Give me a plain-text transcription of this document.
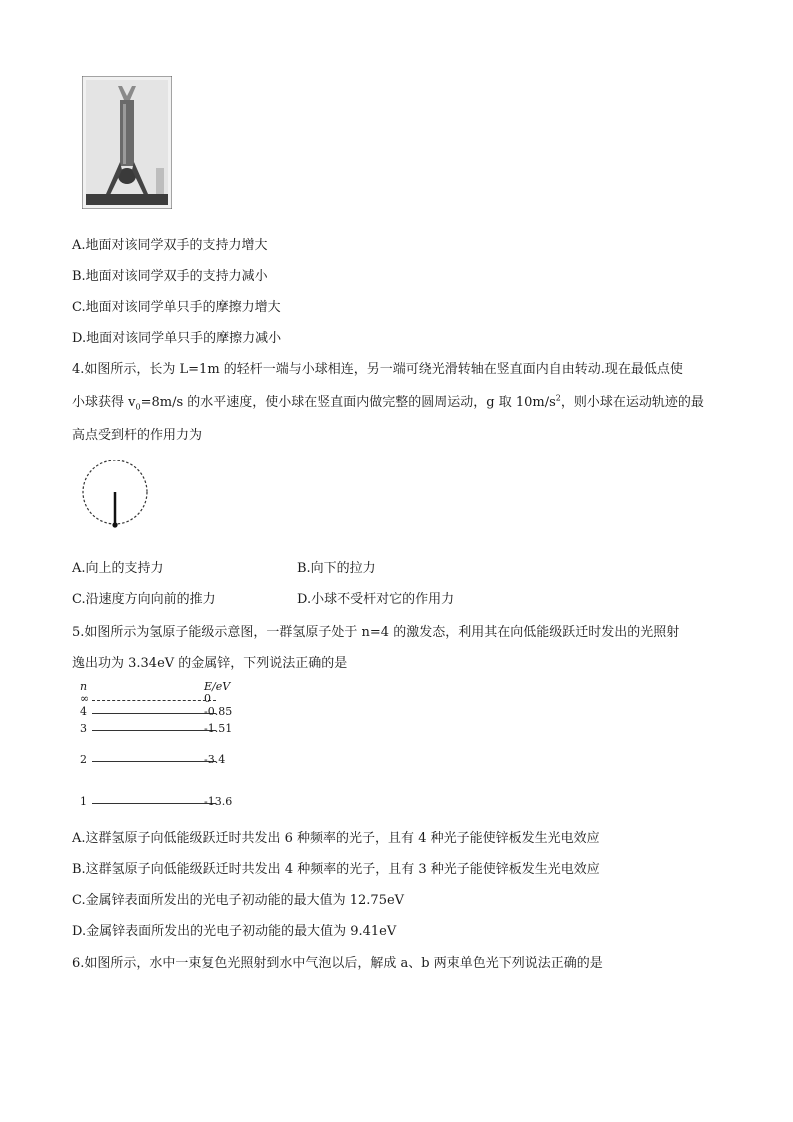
A.地面对该同学双手的支持力增大
B.地面对该同学双手的支持力减小
C.地面对该同学单只手的摩擦力增大
D.地面对该同学单只手的摩擦力减小
4.如图所示，长为 L=1m 的轻杆一端与小球相连，另一端可绕光滑转轴在竖直面内自由转动.现在最低点使
小球获得 $v_0=8m/s$ 的水平速度，使小球在竖直面内做完整的圆周运动，g 取 $10m/s^2$，则小球在运动轨迹的最
高点受到杆的作用力为
A.向上的支持力	B.向下的拉力
C.沿速度方向向前的推力	D.小球不受杆对它的作用力
5.如图所示为氢原子能级示意图，一群氢原子处于 n=4 的激发态，利用其在向低能级跃迁时发出的光照射
逸出功为 3.34eV 的金属锌，下列说法正确的是
n	E/eV
∞	0
4	-0.85
3	-1.51
2	-3.4
1	-13.6
A.这群氢原子向低能级跃迁时共发出 6 种频率的光子，且有 4 种光子能使锌板发生光电效应
B.这群氢原子向低能级跃迁时共发出 4 种频率的光子，且有 3 种光子能使锌板发生光电效应
C.金属锌表面所发出的光电子初动能的最大值为 12.75eV
D.金属锌表面所发出的光电子初动能的最大值为 9.41eV
6.如图所示，水中一束复色光照射到水中气泡以后，解成 a、b 两束单色光下列说法正确的是
